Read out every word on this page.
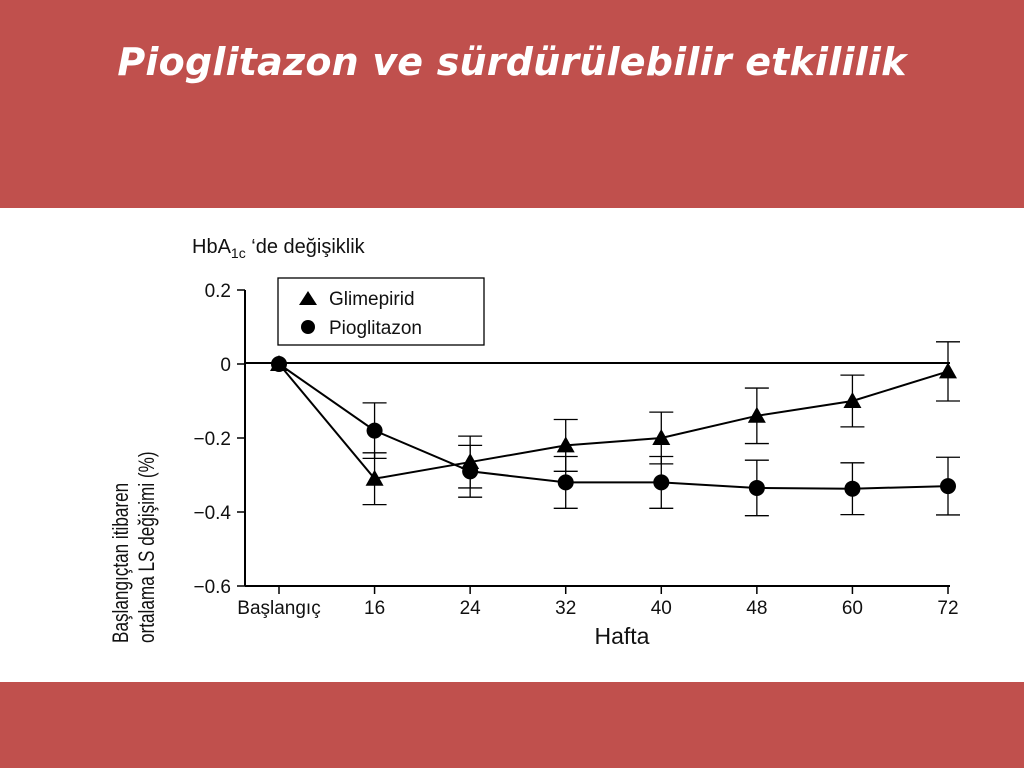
Pioglitazon ve sürdürülebilir etkililik
HbA$_{1c}$ ‘de değişiklik
Başlangıçtan itibaren ortalama LS değişimi (%)
0.2
0
−0.2
−0.4
−0.6
Başlangıç 16	24	32	40	48	60	72
Hafta
Glimepirid
Pioglitazon
